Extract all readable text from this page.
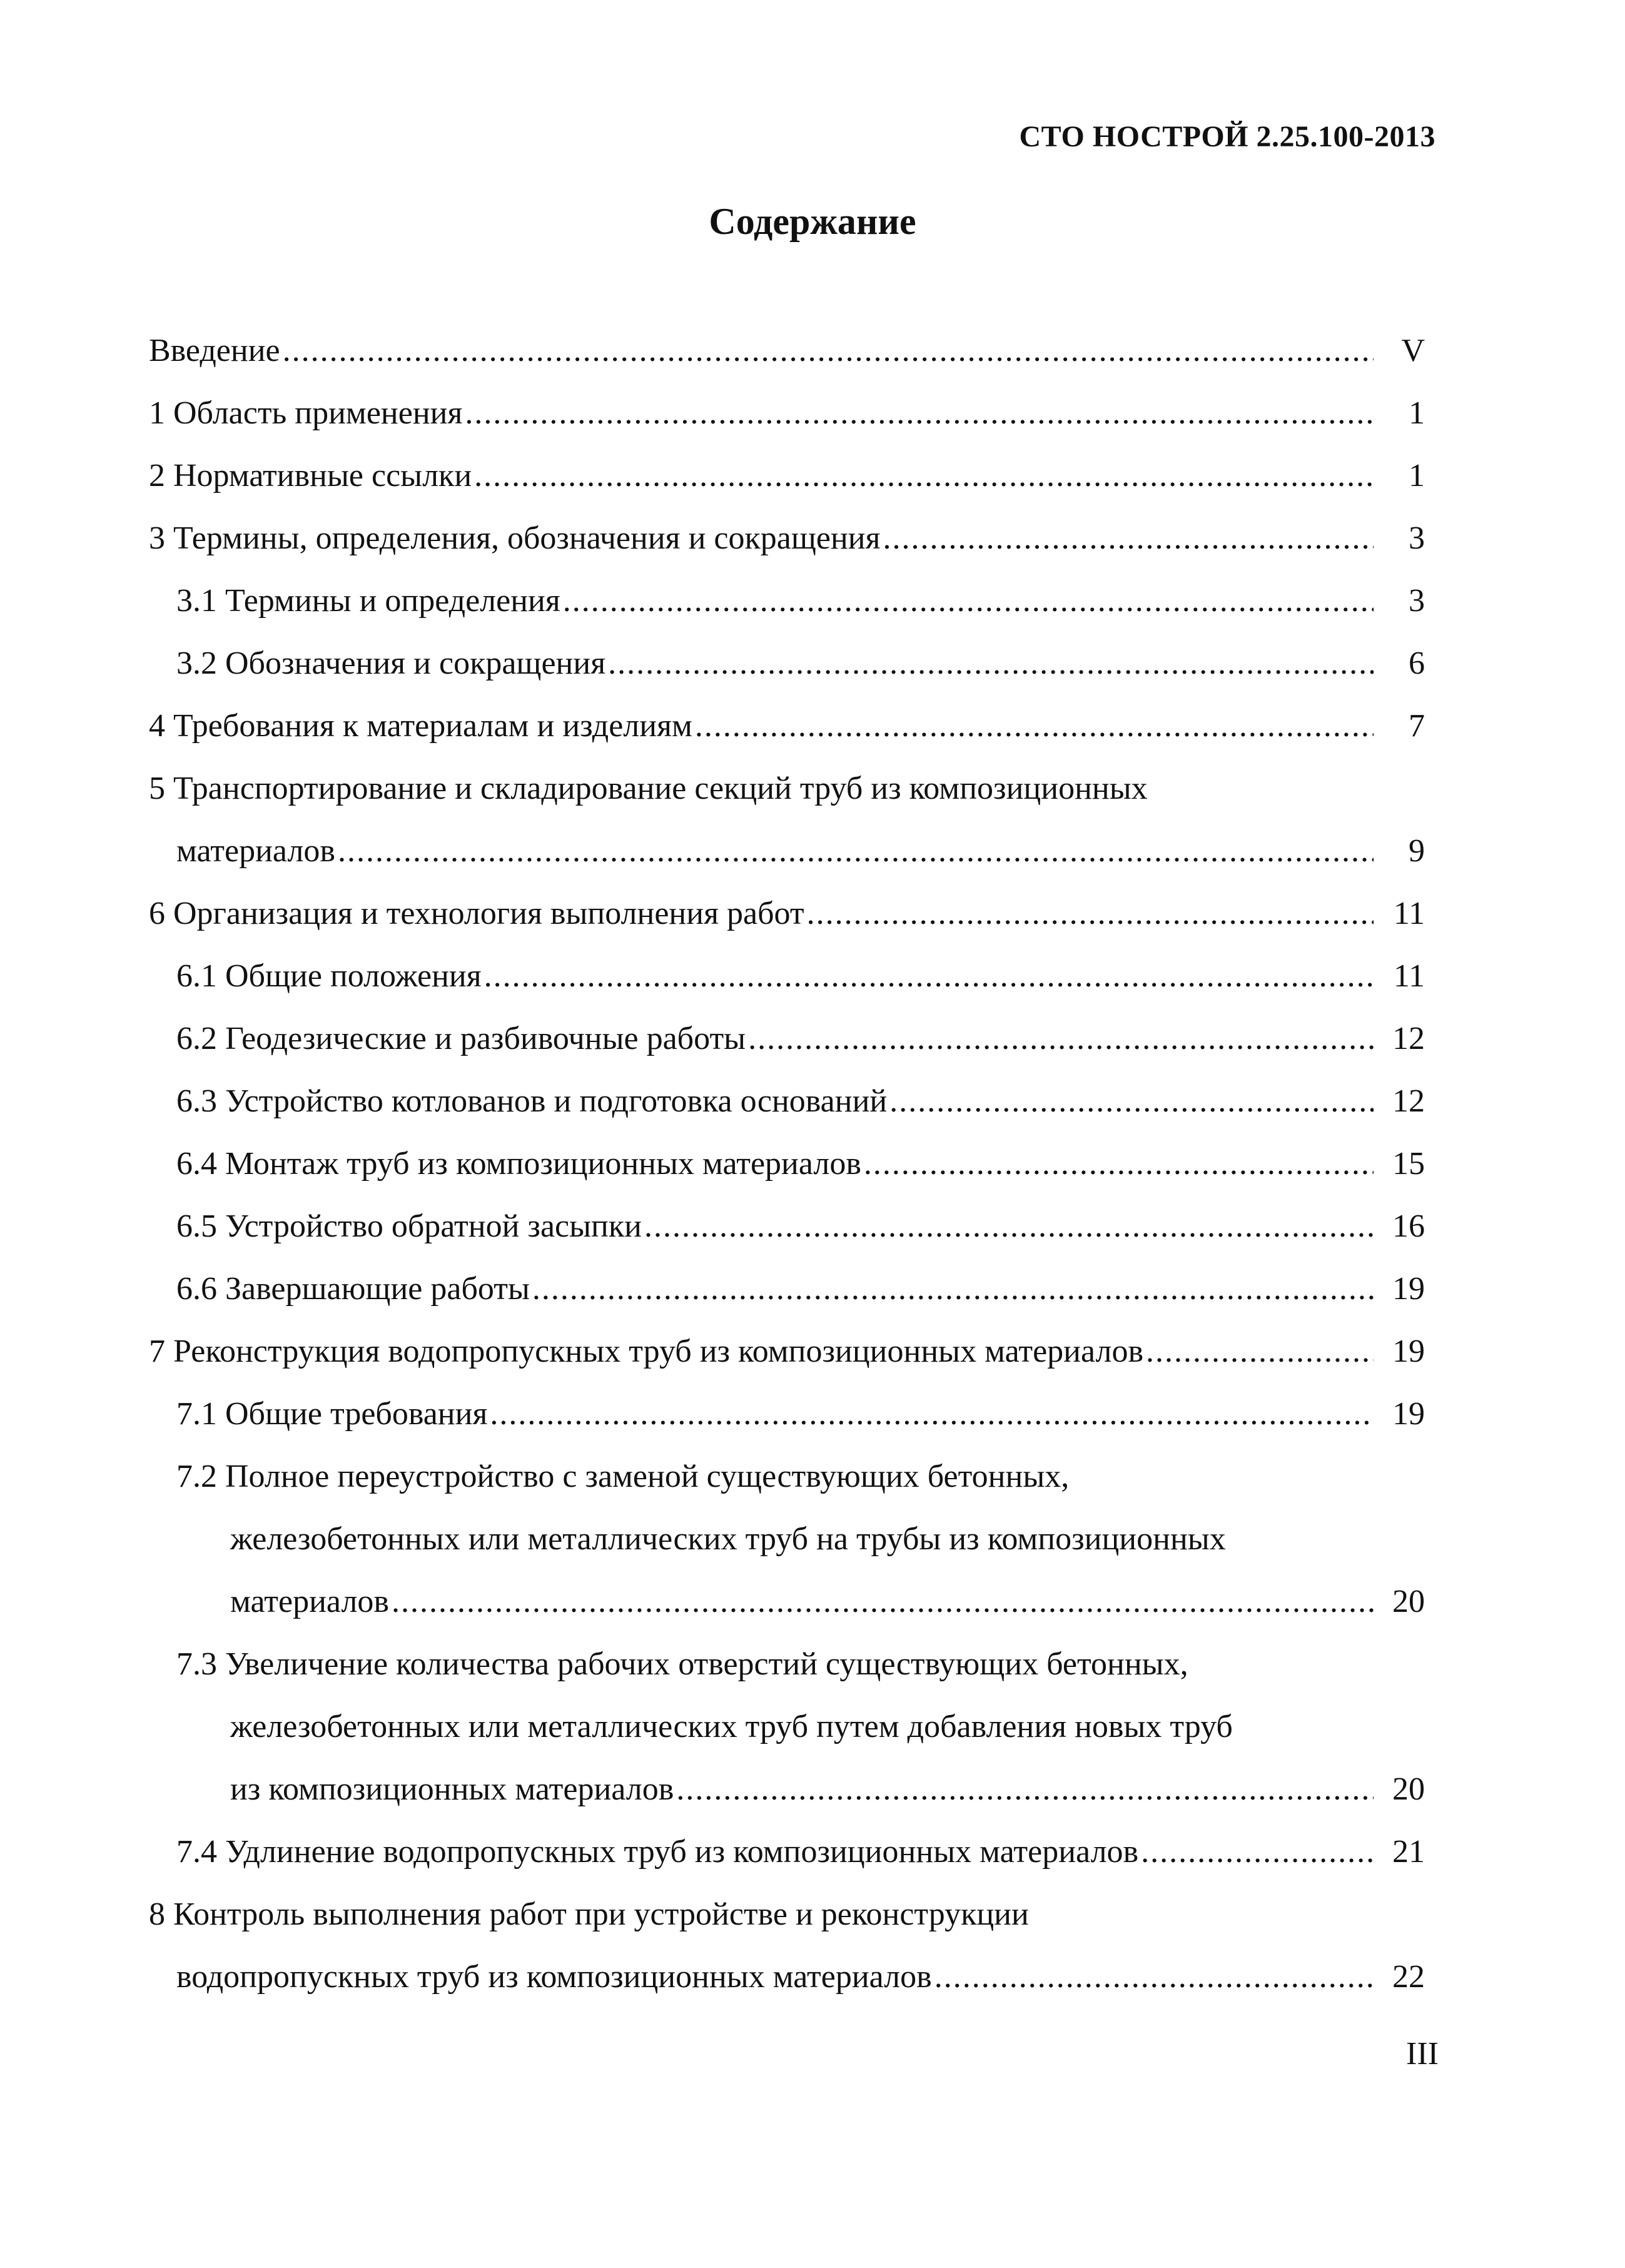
СТО НОСТРОЙ 2.25.100-2013
Содержание
Введение .....	V
1 Область применения .....	1
2 Нормативные ссылки .....	1
3 Термины, определения, обозначения и сокращения .....	3
3.1 Термины и определения .....	3
3.2 Обозначения и сокращения .....	6
4 Требования к материалам и изделиям .....	7
5 Транспортирование и складирование секций труб из композиционных
материалов .....	9
6 Организация и технология выполнения работ .....	11
6.1 Общие положения .....	11
6.2 Геодезические и разбивочные работы .....	12
6.3 Устройство котлованов и подготовка оснований .....	12
6.4 Монтаж труб из композиционных материалов .....	15
6.5 Устройство обратной засыпки .....	16
6.6 Завершающие работы .....	19
7 Реконструкция водопропускных труб из композиционных материалов .....	19
7.1 Общие требования .....	19
7.2 Полное переустройство с заменой существующих бетонных,
железобетонных или металлических труб на трубы из композиционных
материалов .....	20
7.3 Увеличение количества рабочих отверстий существующих бетонных,
железобетонных или металлических труб путем добавления новых труб
из композиционных материалов .....	20
7.4 Удлинение водопропускных труб из композиционных материалов .....	21
8 Контроль выполнения работ при устройстве и реконструкции
водопропускных труб из композиционных материалов .....	22
III
